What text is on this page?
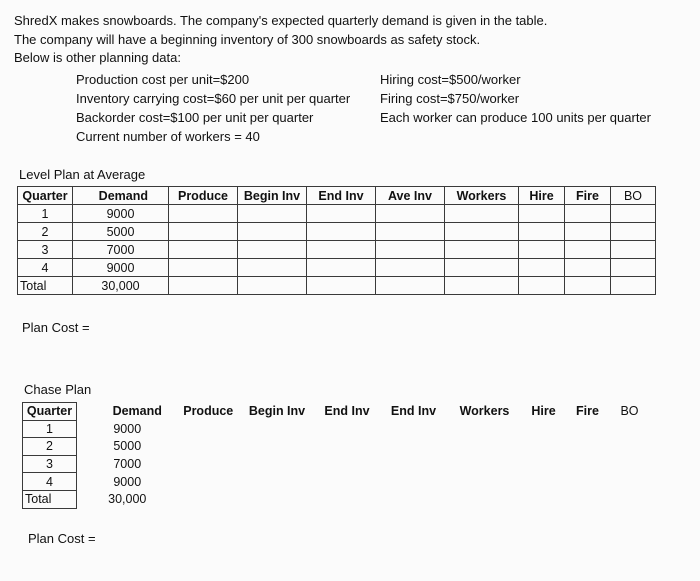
ShredX makes snowboards. The company's expected quarterly demand is given in the table.
The company will have a beginning inventory of 300 snowboards as safety stock.
Below is other planning data:
Production cost per unit=$200
Inventory carrying cost=$60 per unit per quarter
Backorder cost=$100 per unit per quarter
Current number of workers = 40
Hiring cost=$500/worker
Firing cost=$750/worker
Each worker can produce 100 units per quarter
Level Plan at Average
Quarter	Demand	Produce	Begin Inv	End Inv	Ave Inv	Workers	Hire	Fire	BO
1	9000								
2	5000								
3	7000								
4	9000								
Total	30,000								
Plan Cost =
Chase Plan
Quarter	Demand	Produce	Begin Inv	End Inv	End Inv	Workers	Hire	Fire	BO
1	9000								
2	5000								
3	7000								
4	9000								
Total	30,000								
Plan Cost =
